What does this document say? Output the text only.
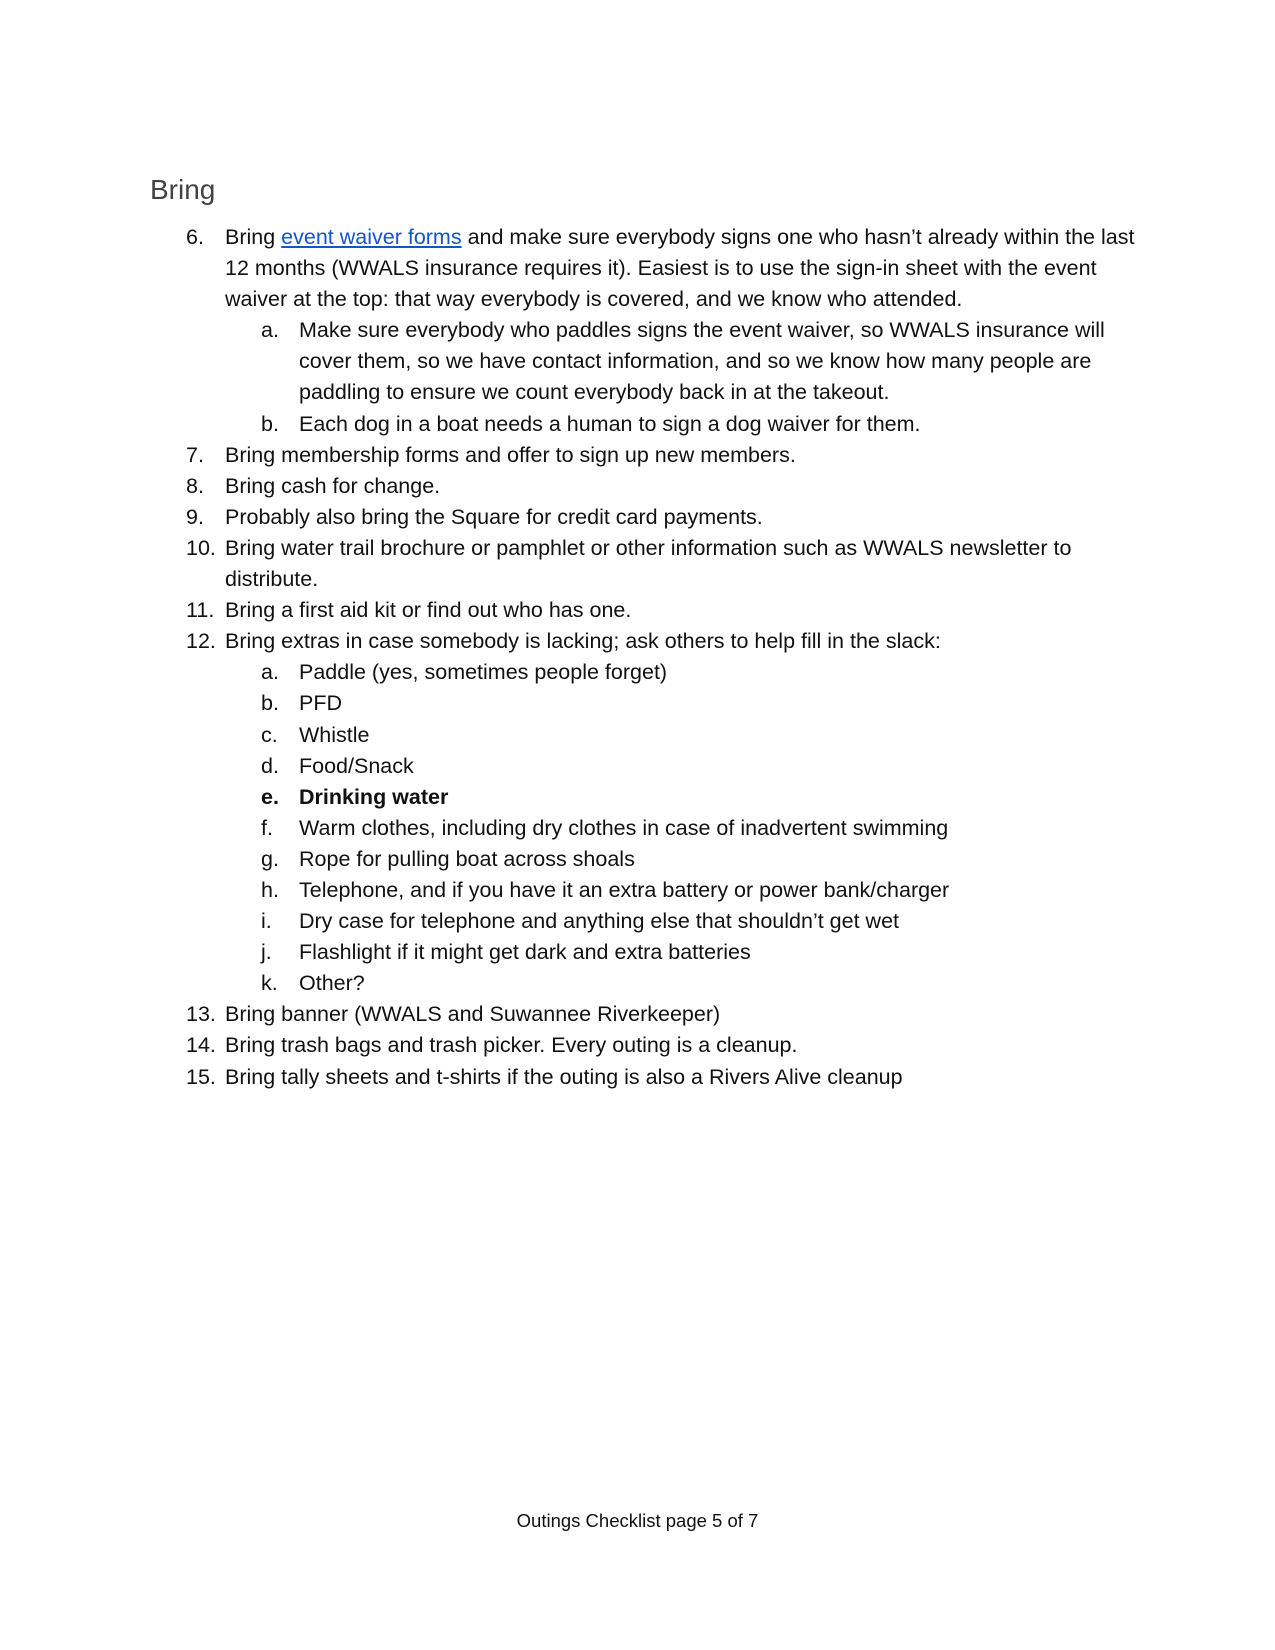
Bring
6. Bring event waiver forms and make sure everybody signs one who hasn’t already within the last 12 months (WWALS insurance requires it). Easiest is to use the sign-in sheet with the event waiver at the top: that way everybody is covered, and we know who attended.
a. Make sure everybody who paddles signs the event waiver, so WWALS insurance will cover them, so we have contact information, and so we know how many people are paddling to ensure we count everybody back in at the takeout.
b. Each dog in a boat needs a human to sign a dog waiver for them.
7. Bring membership forms and offer to sign up new members.
8. Bring cash for change.
9. Probably also bring the Square for credit card payments.
10. Bring water trail brochure or pamphlet or other information such as WWALS newsletter to distribute.
11. Bring a first aid kit or find out who has one.
12. Bring extras in case somebody is lacking; ask others to help fill in the slack:
a. Paddle (yes, sometimes people forget)
b. PFD
c. Whistle
d. Food/Snack
e. Drinking water
f. Warm clothes, including dry clothes in case of inadvertent swimming
g. Rope for pulling boat across shoals
h. Telephone, and if you have it an extra battery or power bank/charger
i. Dry case for telephone and anything else that shouldn’t get wet
j. Flashlight if it might get dark and extra batteries
k. Other?
13. Bring banner (WWALS and Suwannee Riverkeeper)
14. Bring trash bags and trash picker. Every outing is a cleanup.
15. Bring tally sheets and t-shirts if the outing is also a Rivers Alive cleanup
Outings Checklist page 5 of 7
